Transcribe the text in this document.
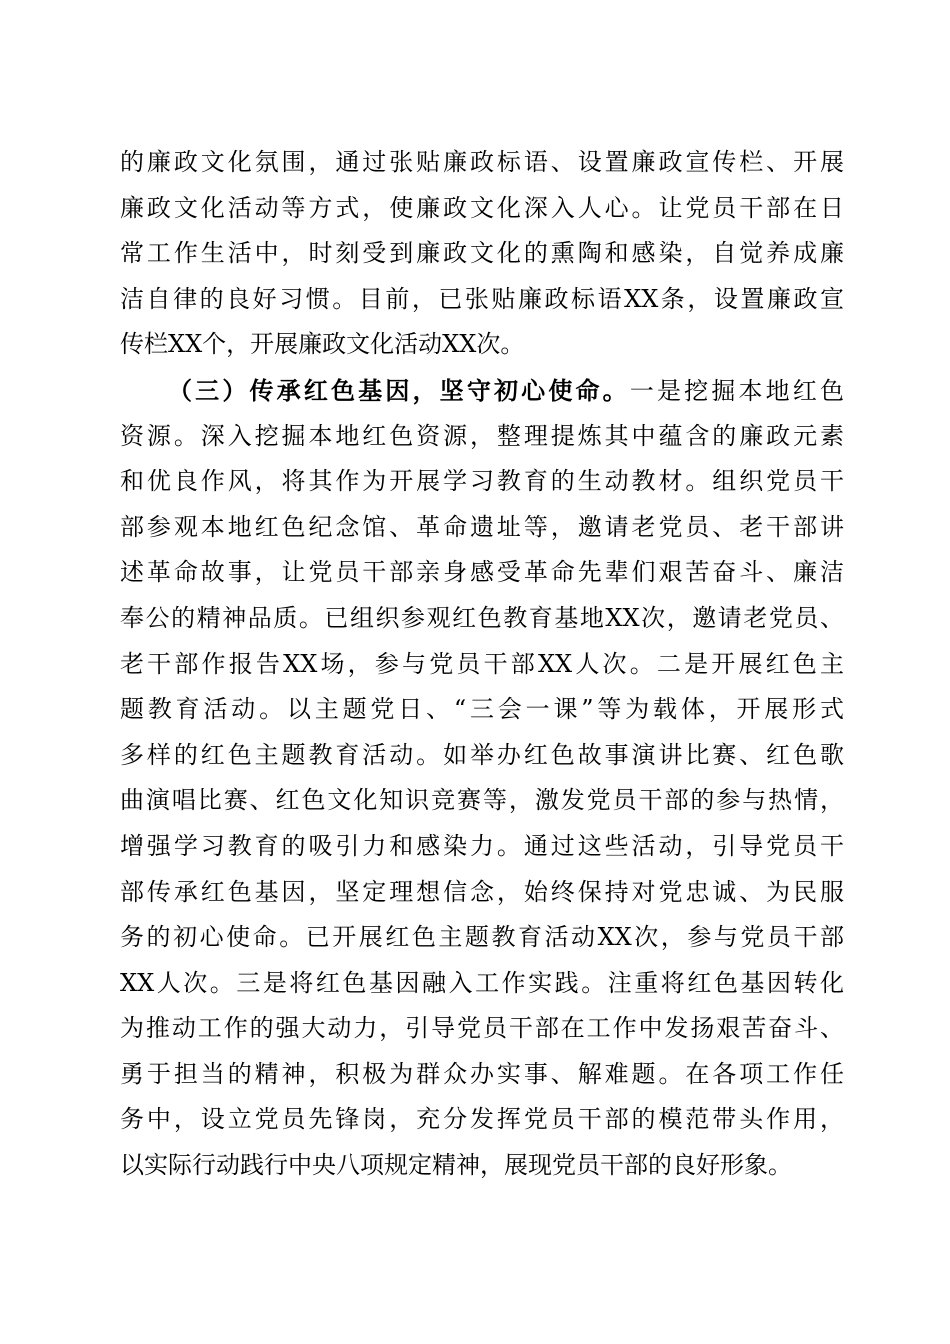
的廉政文化氛围，通过张贴廉政标语、设置廉政宣传栏、开展
廉政文化活动等方式，使廉政文化深入人心。让党员干部在日
常工作生活中，时刻受到廉政文化的熏陶和感染，自觉养成廉
洁自律的良好习惯。目前，已张贴廉政标语XX条，设置廉政宣
传栏XX个，开展廉政文化活动XX次。
（三）传承红色基因，坚守初心使命。一是挖掘本地红色
资源。深入挖掘本地红色资源，整理提炼其中蕴含的廉政元素
和优良作风，将其作为开展学习教育的生动教材。组织党员干
部参观本地红色纪念馆、革命遗址等，邀请老党员、老干部讲
述革命故事，让党员干部亲身感受革命先辈们艰苦奋斗、廉洁
奉公的精神品质。已组织参观红色教育基地XX次，邀请老党员、
老干部作报告XX场，参与党员干部XX人次。二是开展红色主
题教育活动。以主题党日、“三会一课”等为载体，开展形式
多样的红色主题教育活动。如举办红色故事演讲比赛、红色歌
曲演唱比赛、红色文化知识竞赛等，激发党员干部的参与热情，
增强学习教育的吸引力和感染力。通过这些活动，引导党员干
部传承红色基因，坚定理想信念，始终保持对党忠诚、为民服
务的初心使命。已开展红色主题教育活动XX次，参与党员干部
XX人次。三是将红色基因融入工作实践。注重将红色基因转化
为推动工作的强大动力，引导党员干部在工作中发扬艰苦奋斗、
勇于担当的精神，积极为群众办实事、解难题。在各项工作任
务中，设立党员先锋岗，充分发挥党员干部的模范带头作用，
以实际行动践行中央八项规定精神，展现党员干部的良好形象。
